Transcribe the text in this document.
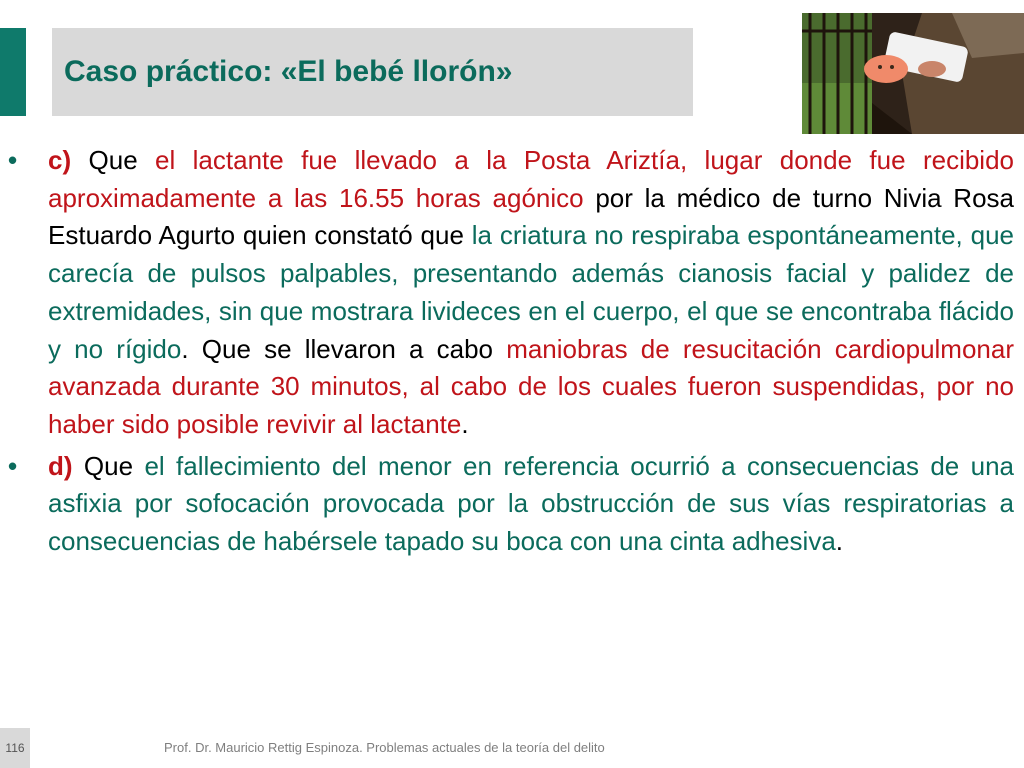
Caso práctico: «El bebé llorón»

• c) Que el lactante fue llevado a la Posta Ariztía, lugar donde fue recibido aproximadamente a las 16.55 horas agónico por la médico de turno Nivia Rosa Estuardo Agurto quien constató que la criatura no respiraba espontáneamente, que carecía de pulsos palpables, presentando además cianosis facial y palidez de extremidades, sin que mostrara livideces en el cuerpo, el que se encontraba flácido y no rígido. Que se llevaron a cabo maniobras de resucitación cardiopulmonar avanzada durante 30 minutos, al cabo de los cuales fueron suspendidas, por no haber sido posible revivir al lactante.

• d) Que el fallecimiento del menor en referencia ocurrió a consecuencias de una asfixia por sofocación provocada por la obstrucción de sus vías respiratorias a consecuencias de habérsele tapado su boca con una cinta adhesiva.

116	Prof. Dr. Mauricio Rettig Espinoza. Problemas actuales de la teoría del delito
